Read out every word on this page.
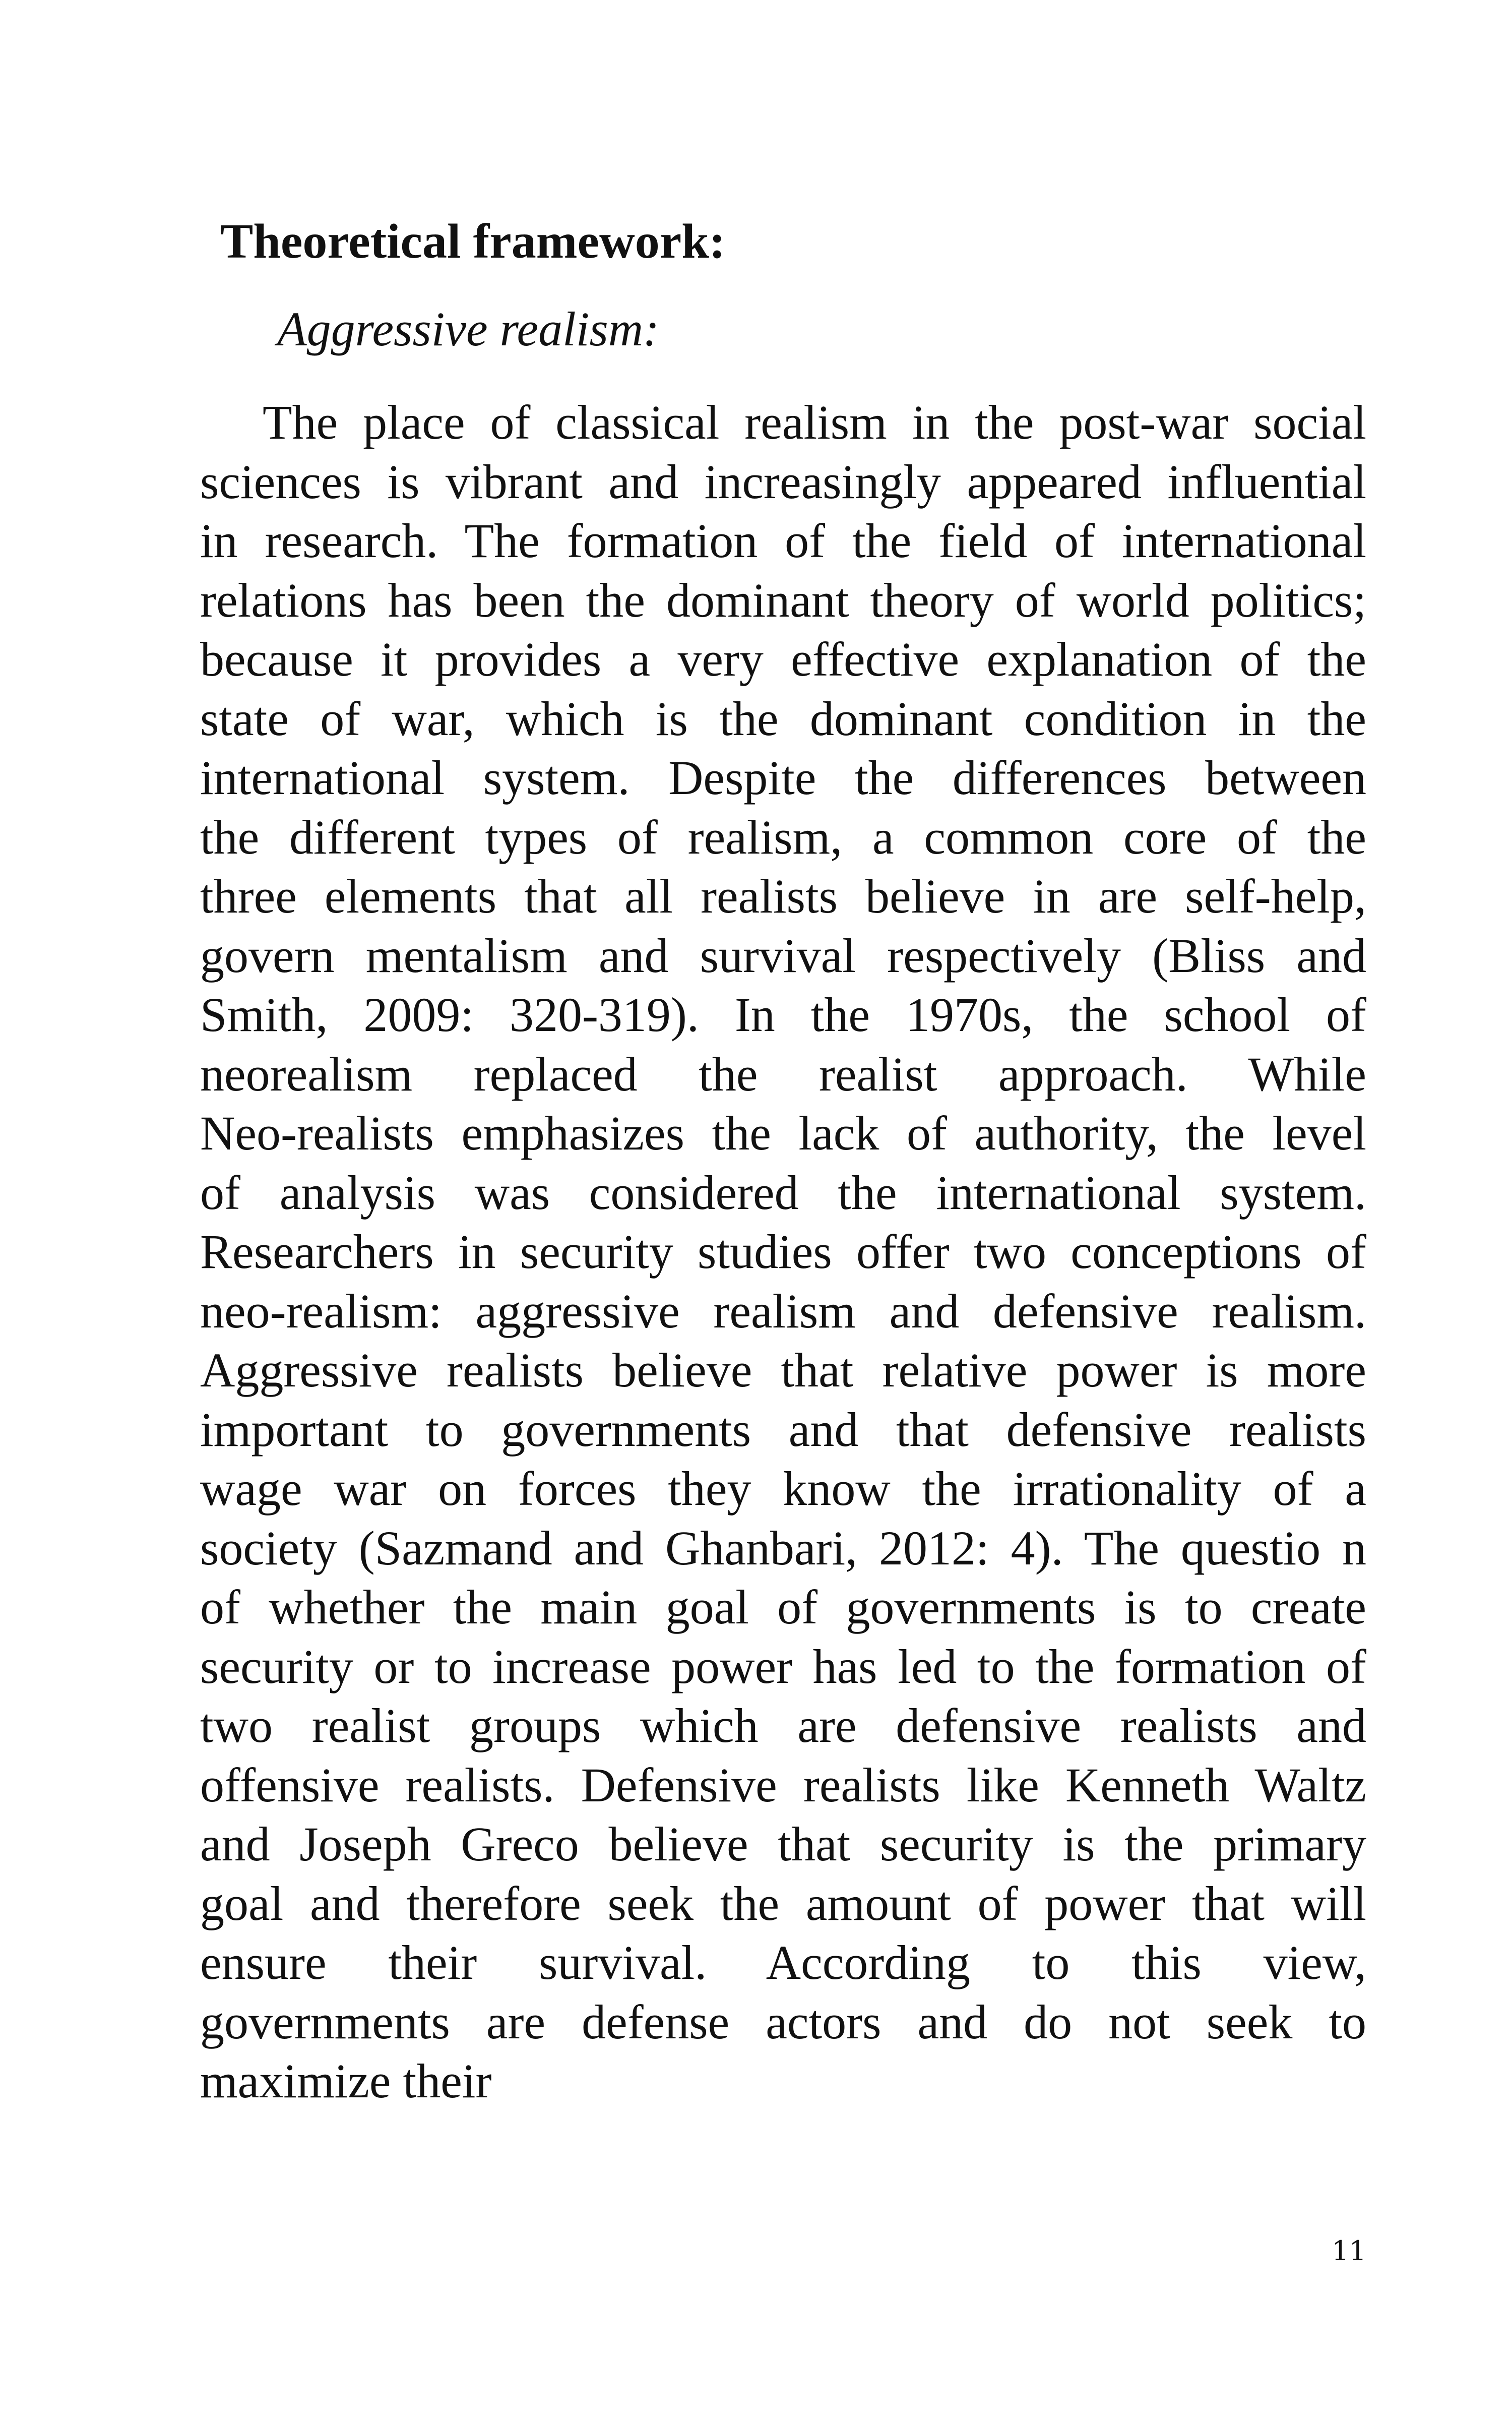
Theoretical framework:
Aggressive realism:
The place of classical realism in the post-war social
sciences is vibrant and increasingly appeared influential
in research. The formation of the field of international
relations has been the dominant theory of world politics;
because it provides a very effective explanation of the
state of war, which is the dominant condition in the
international system. Despite the differences between
the different types of realism, a common core of the
three elements that all realists believe in are self-help,
govern mentalism and survival respectively (Bliss and
Smith, 2009: 320-319). In the 1970s, the school of
neorealism replaced the realist approach. While
Neo-realists emphasizes the lack of authority, the level
of analysis was considered the international system.
Researchers in security studies offer two conceptions of
neo-realism: aggressive realism and defensive realism.
Aggressive realists believe that relative power is more
important to governments and that defensive realists
wage war on forces they know the irrationality of a
society (Sazmand and Ghanbari, 2012: 4). The questio n
of whether the main goal of governments is to create
security or to increase power has led to the formation of
two realist groups which are defensive realists and
offensive realists. Defensive realists like Kenneth Waltz
and Joseph Greco believe that security is the primary
goal and therefore seek the amount of power that will
ensure their survival. According to this view,
governments are defense actors and do not seek to
maximize their
11
